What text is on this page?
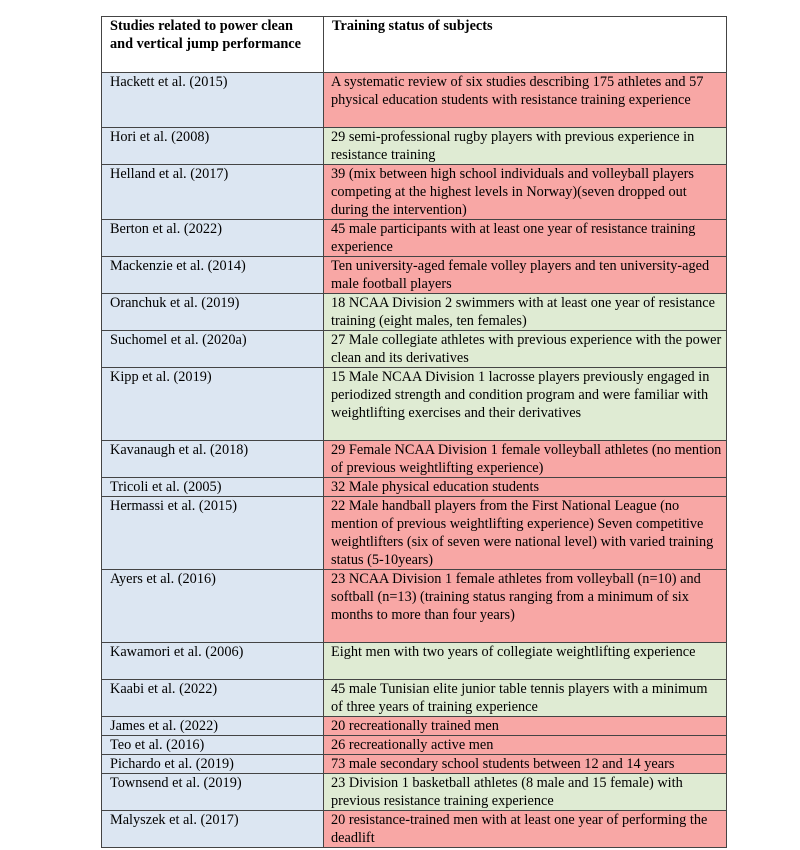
Studies related to power clean and vertical jump performance	Training status of subjects
Hackett et al. (2015)	A systematic review of six studies describing 175 athletes and 57 physical education students with resistance training experience
Hori et al. (2008)	29 semi-professional rugby players with previous experience in resistance training
Helland et al. (2017)	39 (mix between high school individuals and volleyball players competing at the highest levels in Norway)(seven dropped out during the intervention)
Berton et al. (2022)	45 male participants with at least one year of resistance training experience
Mackenzie et al. (2014)	Ten university-aged female volley players and ten university-aged male football players
Oranchuk et al. (2019)	18 NCAA Division 2 swimmers with at least one year of resistance training (eight males, ten females)
Suchomel et al. (2020a)	27 Male collegiate athletes with previous experience with the power clean and its derivatives
Kipp et al. (2019)	15 Male NCAA Division 1 lacrosse players previously engaged in periodized strength and condition program and were familiar with weightlifting exercises and their derivatives
Kavanaugh et al. (2018)	29 Female NCAA Division 1 female volleyball athletes (no mention of previous weightlifting experience)
Tricoli et al. (2005)	32 Male physical education students
Hermassi et al. (2015)	22 Male handball players from the First National League (no mention of previous weightlifting experience) Seven competitive weightlifters (six of seven were national level) with varied training status (5-10years)
Ayers et al. (2016)	23 NCAA Division 1 female athletes from volleyball (n=10) and softball (n=13) (training status ranging from a minimum of six months to more than four years)
Kawamori et al. (2006)	Eight men with two years of collegiate weightlifting experience
Kaabi et al. (2022)	45 male Tunisian elite junior table tennis players with a minimum of three years of training experience
James et al. (2022)	20 recreationally trained men
Teo et al. (2016)	26 recreationally active men
Pichardo et al. (2019)	73 male secondary school students between 12 and 14 years
Townsend et al. (2019)	23 Division 1 basketball athletes (8 male and 15 female) with previous resistance training experience
Malyszek et al. (2017)	20 resistance-trained men with at least one year of performing the deadlift
